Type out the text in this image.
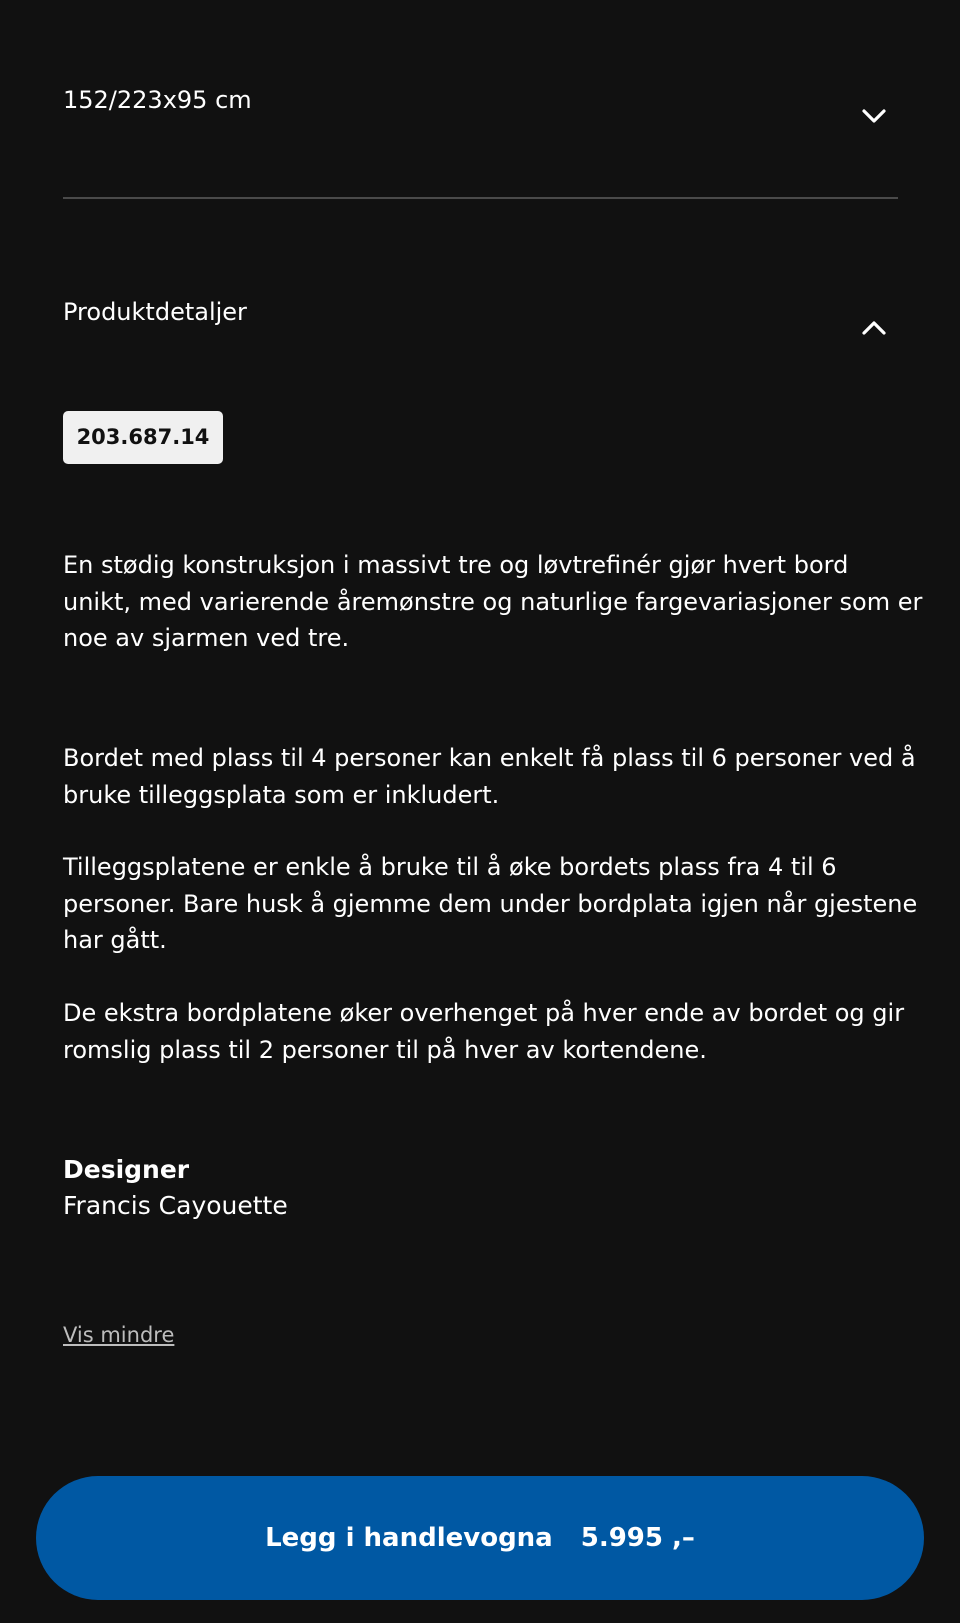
152/223x95 cm
Produktdetaljer
203.687.14

En stødig konstruksjon i massivt tre og løvtrefinér gjør hvert bord unikt, med varierende åremønstre og naturlige fargevariasjoner som er noe av sjarmen ved tre.

Bordet med plass til 4 personer kan enkelt få plass til 6 personer ved å bruke tilleggsplata som er inkludert.

Tilleggsplatene er enkle å bruke til å øke bordets plass fra 4 til 6 personer. Bare husk å gjemme dem under bordplata igjen når gjestene har gått.

De ekstra bordplatene øker overhenget på hver ende av bordet og gir romslig plass til 2 personer til på hver av kortendene.

Designer
Francis Cayouette
Vis mindre
Legg i handlevogna 5.995 ,–
